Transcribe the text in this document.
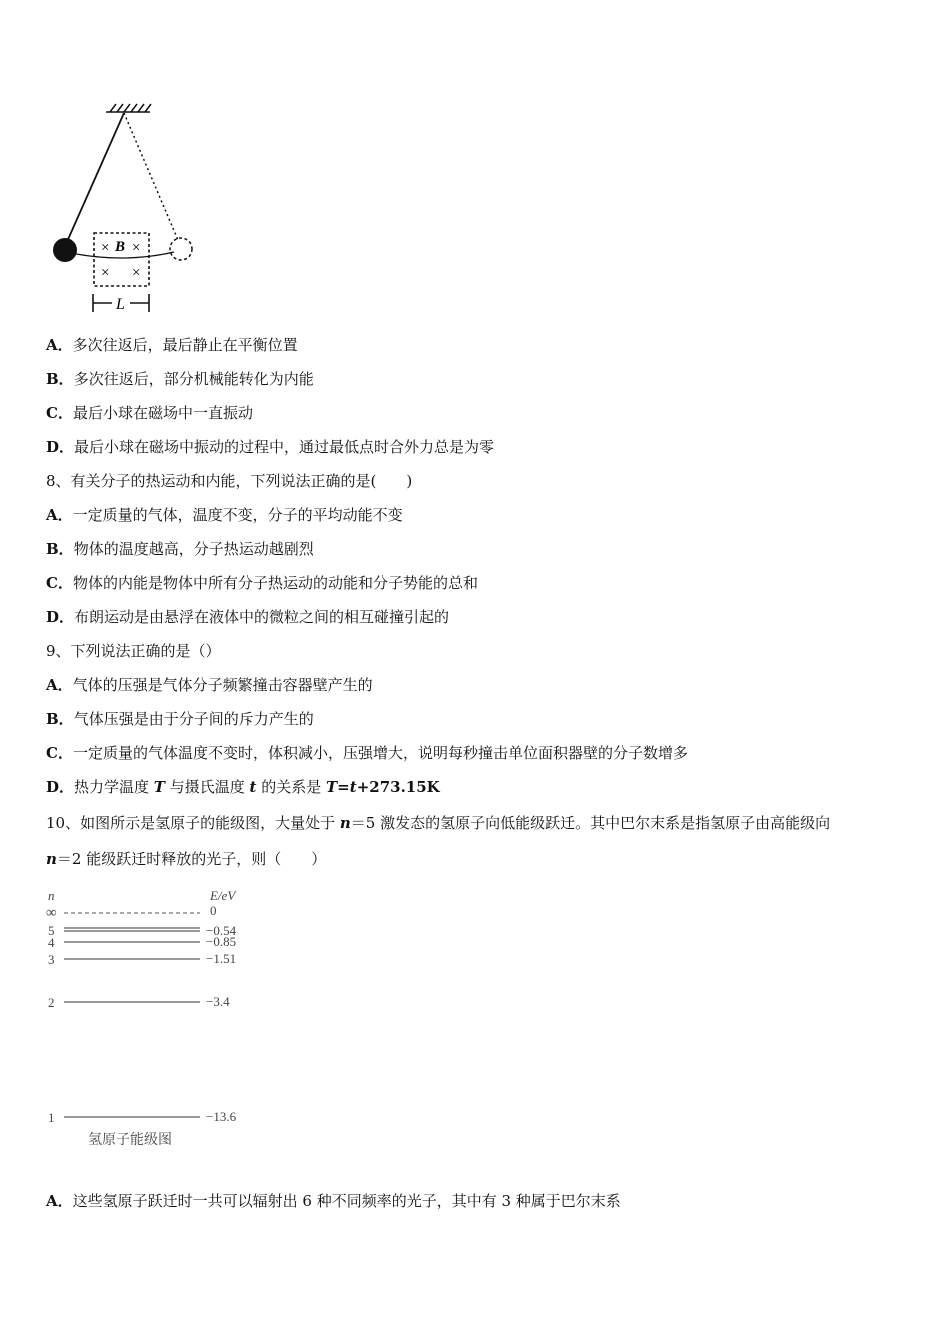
× B ×
× ×
L
A．多次往返后，最后静止在平衡位置
B．多次往返后，部分机械能转化为内能
C．最后小球在磁场中一直振动
D．最后小球在磁场中振动的过程中，通过最低点时合外力总是为零
8、有关分子的热运动和内能，下列说法正确的是(　　)
A．一定质量的气体，温度不变，分子的平均动能不变
B．物体的温度越高，分子热运动越剧烈
C．物体的内能是物体中所有分子热运动的动能和分子势能的总和
D．布朗运动是由悬浮在液体中的微粒之间的相互碰撞引起的
9、下列说法正确的是（）
A．气体的压强是气体分子频繁撞击容器壁产生的
B．气体压强是由于分子间的斥力产生的
C．一定质量的气体温度不变时，体积减小，压强增大，说明每秒撞击单位面积器壁的分子数增多
D．热力学温度 T 与摄氏温度 t 的关系是 T=t+273.15K
10、如图所示是氢原子的能级图，大量处于 n＝5 激发态的氢原子向低能级跃迁。其中巴尔末系是指氢原子由高能级向
n＝2 能级跃迁时释放的光子，则（　　）
n	E/eV
∞	0
5	−0.54
4	−0.85
3	−1.51
2	−3.4
1	−13.6
氢原子能级图
A．这些氢原子跃迁时一共可以辐射出 6 种不同频率的光子，其中有 3 种属于巴尔末系
